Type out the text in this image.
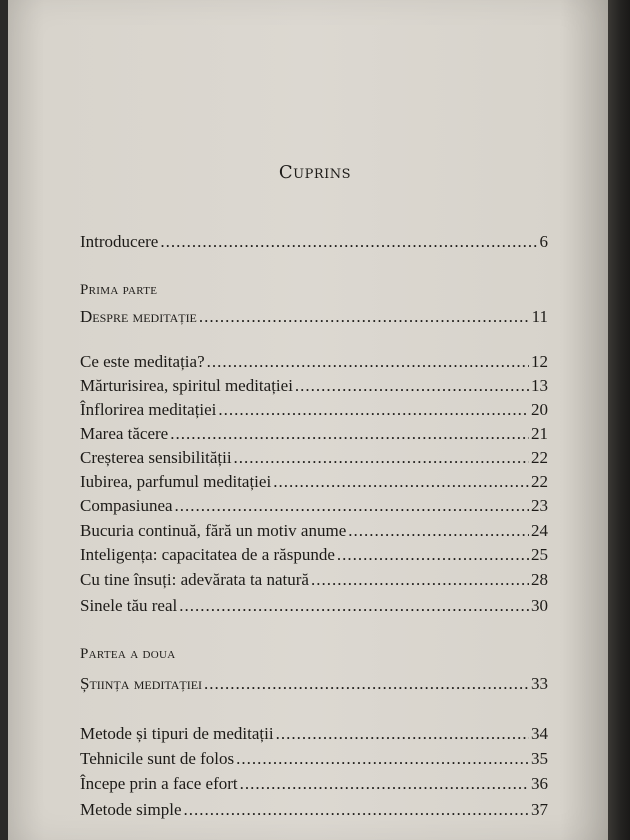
Cuprins
Introducere .....	6
Prima parte
Despre meditație .....	11
Ce este meditația? .....	12
Mărturisirea, spiritul meditației .....	13
Înflorirea meditației .....	20
Marea tăcere .....	21
Creșterea sensibilității .....	22
Iubirea, parfumul meditației .....	22
Compasiunea .....	23
Bucuria continuă, fără un motiv anume .....	24
Inteligența: capacitatea de a răspunde .....	25
Cu tine însuți: adevărata ta natură .....	28
Sinele tău real .....	30
Partea a doua
Știința meditației .....	33
Metode și tipuri de meditații .....	34
Tehnicile sunt de folos .....	35
Începe prin a face efort .....	36
Metode simple .....	37
